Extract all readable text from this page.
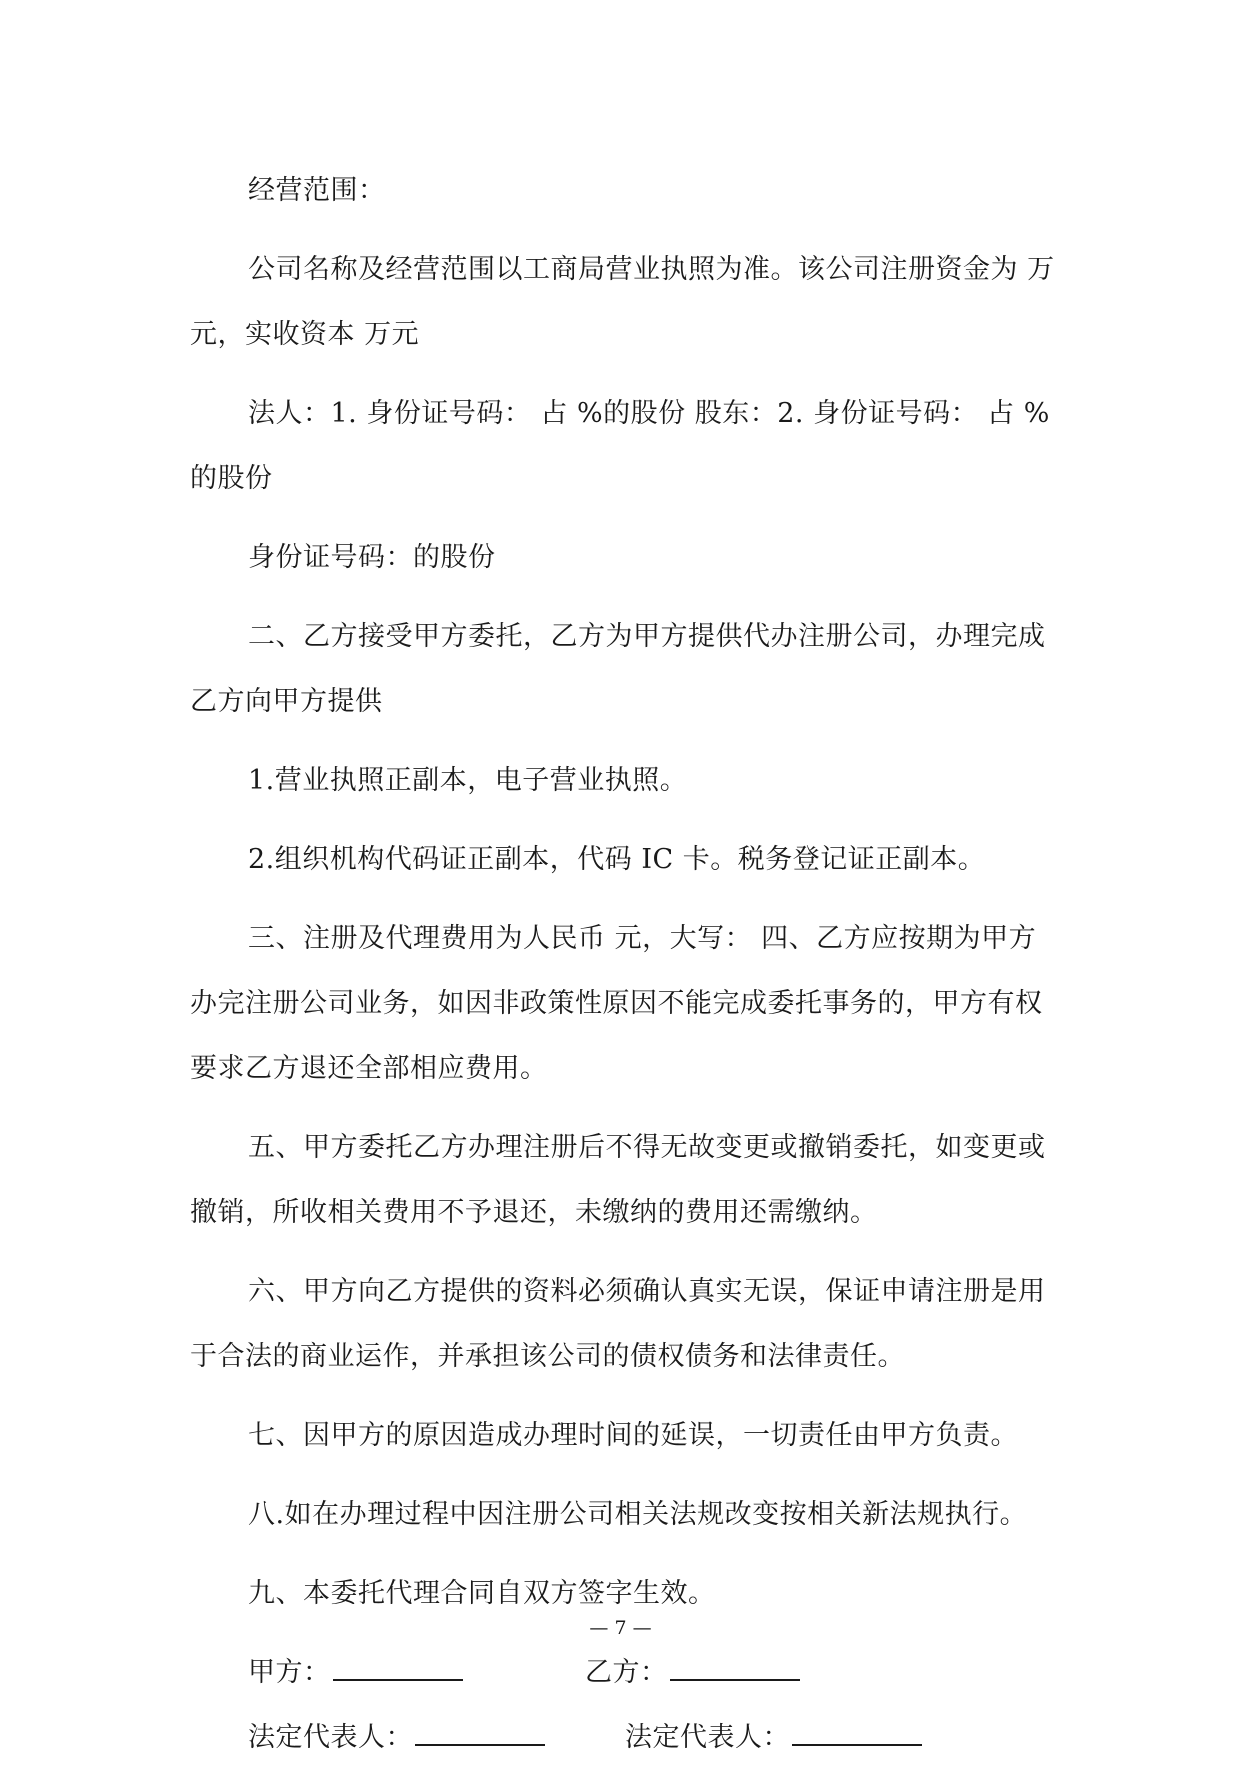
经营范围：

公司名称及经营范围以工商局营业执照为准。该公司注册资金为 万元，实收资本 万元

法人：1. 身份证号码： 占 %的股份 股东：2. 身份证号码： 占 %的股份

身份证号码：的股份

二、乙方接受甲方委托，乙方为甲方提供代办注册公司，办理完成乙方向甲方提供

1.营业执照正副本，电子营业执照。

2.组织机构代码证正副本，代码 IC 卡。税务登记证正副本。

三、注册及代理费用为人民币 元，大写： 四、乙方应按期为甲方办完注册公司业务，如因非政策性原因不能完成委托事务的，甲方有权要求乙方退还全部相应费用。

五、甲方委托乙方办理注册后不得无故变更或撤销委托，如变更或撤销，所收相关费用不予退还，未缴纳的费用还需缴纳。

六、甲方向乙方提供的资料必须确认真实无误，保证申请注册是用于合法的商业运作，并承担该公司的债权债务和法律责任。

七、因甲方的原因造成办理时间的延误，一切责任由甲方负责。

八.如在办理过程中因注册公司相关法规改变按相关新法规执行。

九、本委托代理合同自双方签字生效。

甲方：	乙方：
法定代表人：	法定代表人：
— 7 —
